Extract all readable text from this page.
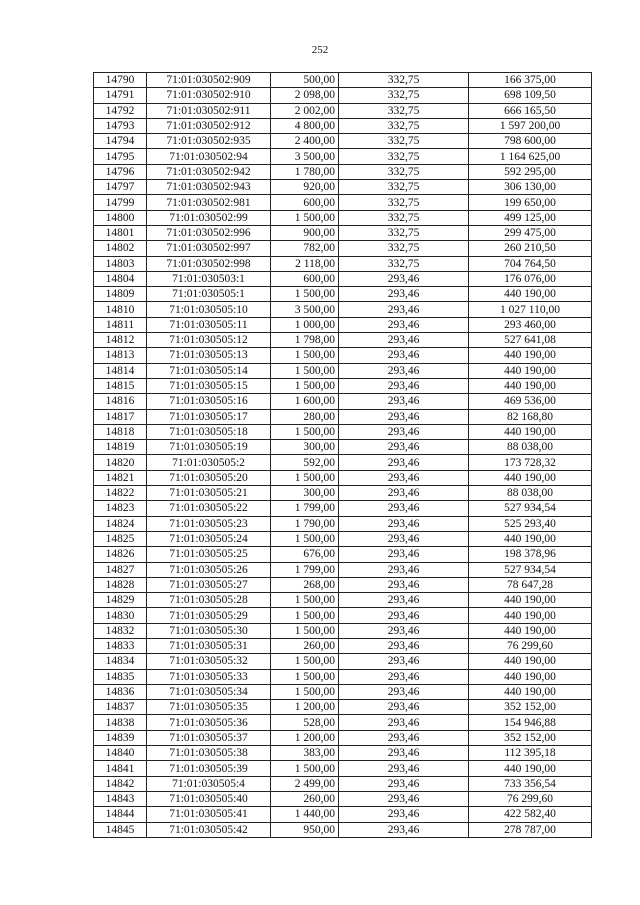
252
14790	71:01:030502:909	500,00	332,75	166 375,00
14791	71:01:030502:910	2 098,00	332,75	698 109,50
14792	71:01:030502:911	2 002,00	332,75	666 165,50
14793	71:01:030502:912	4 800,00	332,75	1 597 200,00
14794	71:01:030502:935	2 400,00	332,75	798 600,00
14795	71:01:030502:94	3 500,00	332,75	1 164 625,00
14796	71:01:030502:942	1 780,00	332,75	592 295,00
14797	71:01:030502:943	920,00	332,75	306 130,00
14799	71:01:030502:981	600,00	332,75	199 650,00
14800	71:01:030502:99	1 500,00	332,75	499 125,00
14801	71:01:030502:996	900,00	332,75	299 475,00
14802	71:01:030502:997	782,00	332,75	260 210,50
14803	71:01:030502:998	2 118,00	332,75	704 764,50
14804	71:01:030503:1	600,00	293,46	176 076,00
14809	71:01:030505:1	1 500,00	293,46	440 190,00
14810	71:01:030505:10	3 500,00	293,46	1 027 110,00
14811	71:01:030505:11	1 000,00	293,46	293 460,00
14812	71:01:030505:12	1 798,00	293,46	527 641,08
14813	71:01:030505:13	1 500,00	293,46	440 190,00
14814	71:01:030505:14	1 500,00	293,46	440 190,00
14815	71:01:030505:15	1 500,00	293,46	440 190,00
14816	71:01:030505:16	1 600,00	293,46	469 536,00
14817	71:01:030505:17	280,00	293,46	82 168,80
14818	71:01:030505:18	1 500,00	293,46	440 190,00
14819	71:01:030505:19	300,00	293,46	88 038,00
14820	71:01:030505:2	592,00	293,46	173 728,32
14821	71:01:030505:20	1 500,00	293,46	440 190,00
14822	71:01:030505:21	300,00	293,46	88 038,00
14823	71:01:030505:22	1 799,00	293,46	527 934,54
14824	71:01:030505:23	1 790,00	293,46	525 293,40
14825	71:01:030505:24	1 500,00	293,46	440 190,00
14826	71:01:030505:25	676,00	293,46	198 378,96
14827	71:01:030505:26	1 799,00	293,46	527 934,54
14828	71:01:030505:27	268,00	293,46	78 647,28
14829	71:01:030505:28	1 500,00	293,46	440 190,00
14830	71:01:030505:29	1 500,00	293,46	440 190,00
14832	71:01:030505:30	1 500,00	293,46	440 190,00
14833	71:01:030505:31	260,00	293,46	76 299,60
14834	71:01:030505:32	1 500,00	293,46	440 190,00
14835	71:01:030505:33	1 500,00	293,46	440 190,00
14836	71:01:030505:34	1 500,00	293,46	440 190,00
14837	71:01:030505:35	1 200,00	293,46	352 152,00
14838	71:01:030505:36	528,00	293,46	154 946,88
14839	71:01:030505:37	1 200,00	293,46	352 152,00
14840	71:01:030505:38	383,00	293,46	112 395,18
14841	71:01:030505:39	1 500,00	293,46	440 190,00
14842	71:01:030505:4	2 499,00	293,46	733 356,54
14843	71:01:030505:40	260,00	293,46	76 299,60
14844	71:01:030505:41	1 440,00	293,46	422 582,40
14845	71:01:030505:42	950,00	293,46	278 787,00
